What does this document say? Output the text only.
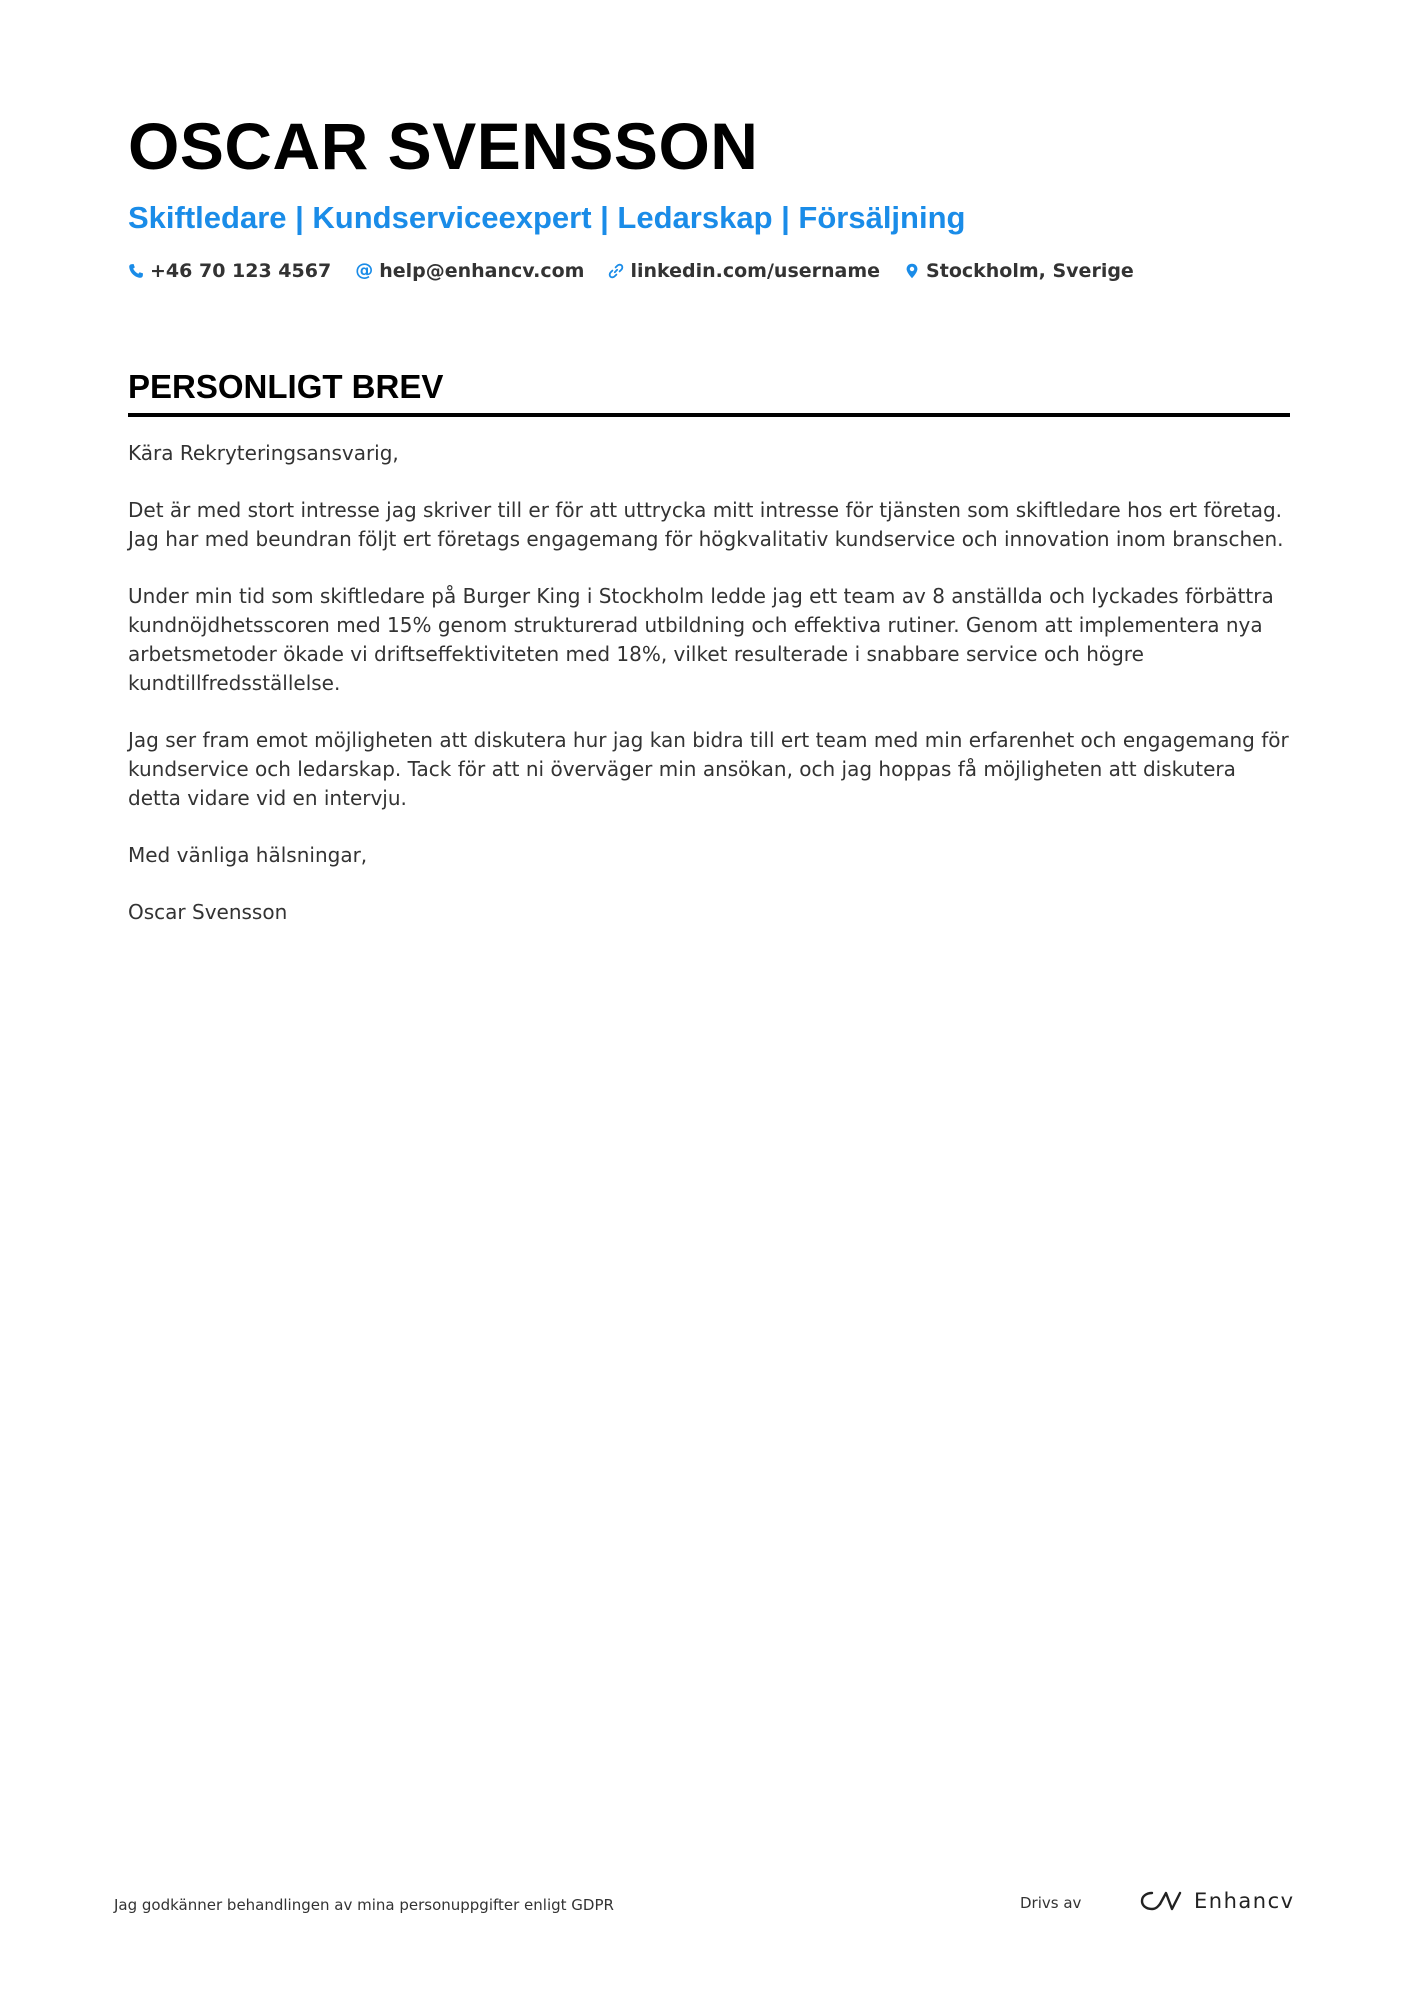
OSCAR SVENSSON
Skiftledare | Kundserviceexpert | Ledarskap | Försäljning
+46 70 123 4567 @ help@enhancv.com linkedin.com/username Stockholm, Sverige
PERSONLIGT BREV

Kära Rekryteringsansvarig,

Det är med stort intresse jag skriver till er för att uttrycka mitt intresse för tjänsten som skiftledare hos ert företag. Jag har med beundran följt ert företags engagemang för högkvalitativ kundservice och innovation inom branschen.

Under min tid som skiftledare på Burger King i Stockholm ledde jag ett team av 8 anställda och lyckades förbättra kundnöjdhetsscoren med 15% genom strukturerad utbildning och effektiva rutiner. Genom att implementera nya arbetsmetoder ökade vi driftseffektiviteten med 18%, vilket resulterade i snabbare service och högre kundtillfredsställelse.

Jag ser fram emot möjligheten att diskutera hur jag kan bidra till ert team med min erfarenhet och engagemang för kundservice och ledarskap. Tack för att ni överväger min ansökan, och jag hoppas få möjligheten att diskutera detta vidare vid en intervju.

Med vänliga hälsningar,

Oscar Svensson

Jag godkänner behandlingen av mina personuppgifter enligt GDPR	Drivs av	Enhancv
